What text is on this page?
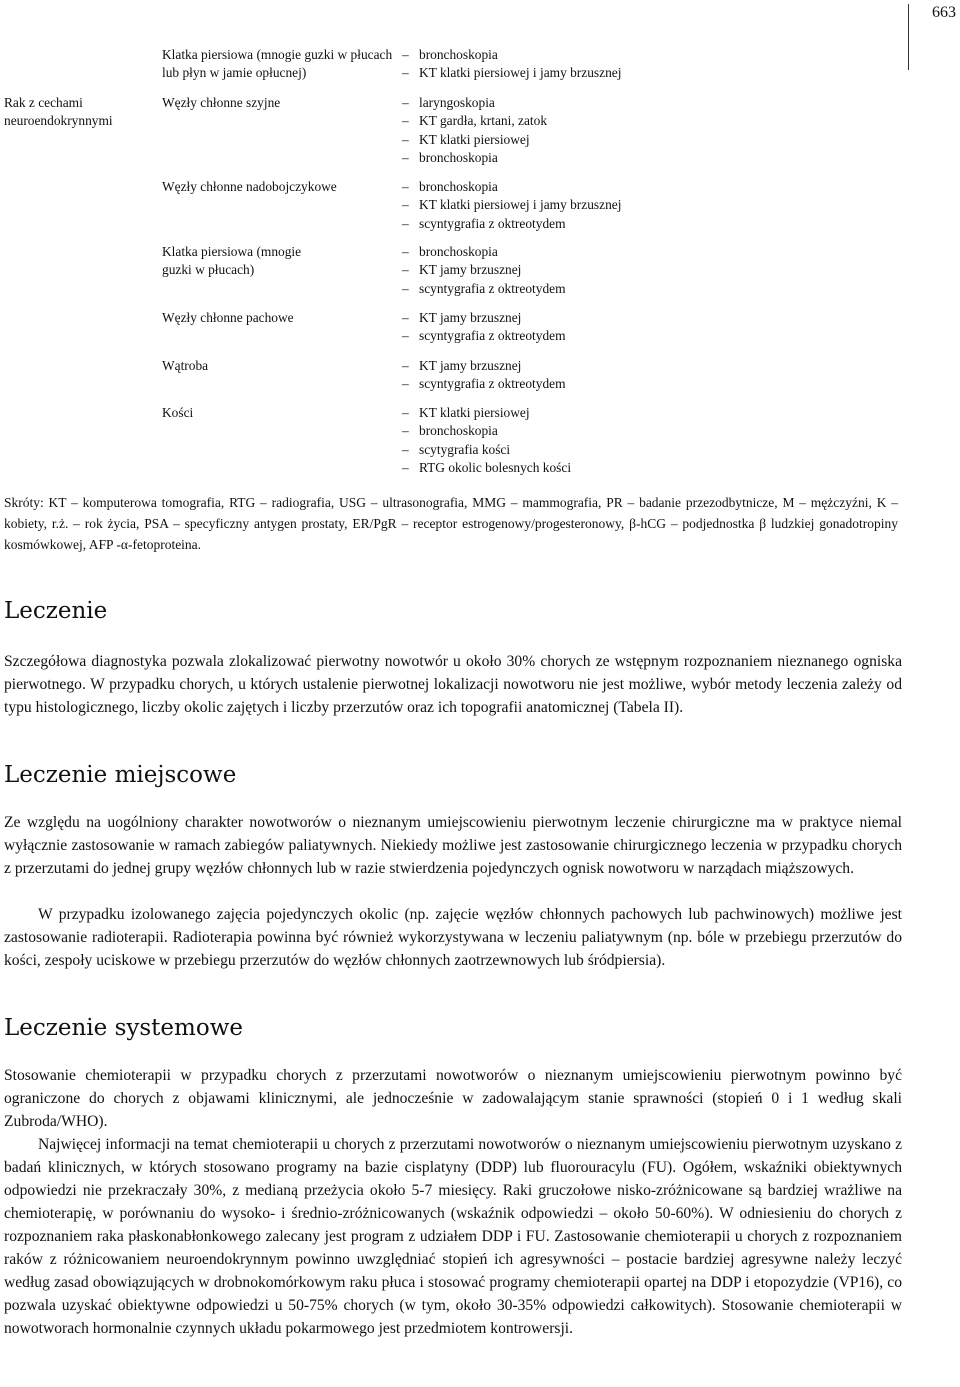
663
Klatka piersiowa (mnogie guzki w płucach lub płyn w jamie opłucnej)
– bronchoskopia
– KT klatki piersiowej i jamy brzusznej
Rak z cechami neuroendokrynnymi
Węzły chłonne szyjne	– laryngoskopia
– KT gardła, krtani, zatok
– KT klatki piersiowej
– bronchoskopia
Węzły chłonne nadobojczykowe	– bronchoskopia
– KT klatki piersiowej i jamy brzusznej
– scyntygrafia z oktreotydem
Klatka piersiowa (mnogie guzki w płucach)
– bronchoskopia
– KT jamy brzusznej
– scyntygrafia z oktreotydem
Węzły chłonne pachowe	– KT jamy brzusznej
– scyntygrafia z oktreotydem
Wątroba	– KT jamy brzusznej
– scyntygrafia z oktreotydem
Kości	– KT klatki piersiowej
– bronchoskopia
– scytygrafia kości
– RTG okolic bolesnych kości
Skróty: KT – komputerowa tomografia, RTG – radiografia, USG – ultrasonografia, MMG – mammografia, PR – badanie przezodbytnicze, M – mężczyźni, K – kobiety, r.ż. – rok życia, PSA – specyficzny antygen prostaty, ER/PgR – receptor estrogenowy/progesteronowy, β-hCG – podjednostka β ludzkiej gonadotropiny kosmówkowej, AFP -α-fetoproteina.
Leczenie

Szczegółowa diagnostyka pozwala zlokalizować pierwotny nowotwór u około 30% chorych ze wstępnym rozpoznaniem nieznanego ogniska pierwotnego. W przypadku chorych, u których ustalenie pierwotnej lokalizacji nowotworu nie jest możliwe, wybór metody leczenia zależy od typu histologicznego, liczby okolic zajętych i liczby przerzutów oraz ich topografii anatomicznej (Tabela II).

Leczenie miejscowe

Ze względu na uogólniony charakter nowotworów o nieznanym umiejscowieniu pierwotnym leczenie chirurgiczne ma w praktyce niemal wyłącznie zastosowanie w ramach zabiegów paliatywnych. Niekiedy możliwe jest zastosowanie chirurgicznego leczenia w przypadku chorych z przerzutami do jednej grupy węzłów chłonnych lub w razie stwierdzenia pojedynczych ognisk nowotworu w narządach miąższowych.

W przypadku izolowanego zajęcia pojedynczych okolic (np. zajęcie węzłów chłonnych pachowych lub pachwinowych) możliwe jest zastosowanie radioterapii. Radioterapia powinna być również wykorzystywana w leczeniu paliatywnym (np. bóle w przebiegu przerzutów do kości, zespoły uciskowe w przebiegu przerzutów do węzłów chłonnych zaotrzewnowych lub śródpiersia).

Leczenie systemowe

Stosowanie chemioterapii w przypadku chorych z przerzutami nowotworów o nieznanym umiejscowieniu pierwotnym powinno być ograniczone do chorych z objawami klinicznymi, ale jednocześnie w zadowalającym stanie sprawności (stopień 0 i 1 według skali Zubroda/WHO).

Najwięcej informacji na temat chemioterapii u chorych z przerzutami nowotworów o nieznanym umiejscowieniu pierwotnym uzyskano z badań klinicznych, w których stosowano programy na bazie cisplatyny (DDP) lub fluorouracylu (FU). Ogółem, wskaźniki obiektywnych odpowiedzi nie przekraczały 30%, z medianą przeżycia około 5-7 miesięcy. Raki gruczołowe nisko-zróżnicowane są bardziej wrażliwe na chemioterapię, w porównaniu do wysoko- i średnio-zróżnicowanych (wskaźnik odpowiedzi – około 50-60%). W odniesieniu do chorych z rozpoznaniem raka płaskonabłonkowego zalecany jest program z udziałem DDP i FU. Zastosowanie chemioterapii u chorych z rozpoznaniem raków z różnicowaniem neuroendokrynnym powinno uwzględniać stopień ich agresywności – postacie bardziej agresywne należy leczyć według zasad obowiązujących w drobnokomórkowym raku płuca i stosować programy chemioterapii opartej na DDP i etopozydzie (VP16), co pozwala uzyskać obiektywne odpowiedzi u 50-75% chorych (w tym, około 30-35% odpowiedzi całkowitych). Stosowanie chemioterapii w nowotworach hormonalnie czynnych układu pokarmowego jest przedmiotem kontrowersji.
